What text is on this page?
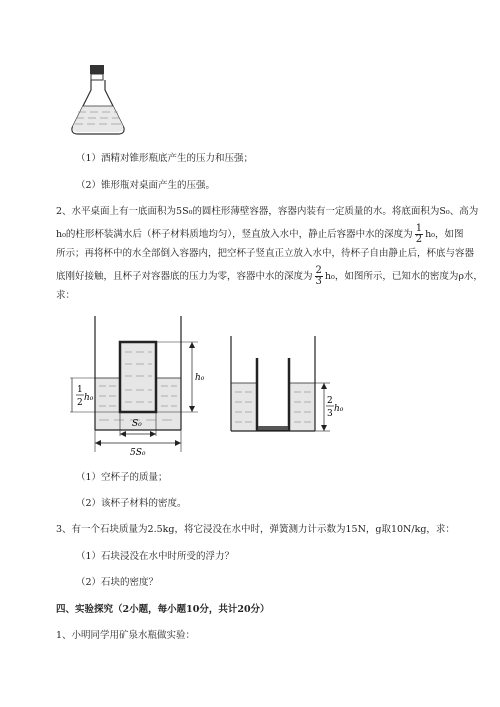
（1）酒精对锥形瓶底产生的压力和压强；
（2）锥形瓶对桌面产生的压强。
2、水平桌面上有一底面积为5S₀的圆柱形薄壁容器，容器内装有一定质量的水。将底面积为S₀、高为
h₀的柱形杯装满水后（杯子材料质地均匀），竖直放入水中，静止后容器中水的深度为 $\frac{1}{2} h_0$，如图
所示；再将杯中的水全部倒入容器内，把空杯子竖直正立放入水中，待杯子自由静止后，杯底与容器
底刚好接触，且杯子对容器底的压力为零，容器中水的深度为 $\frac{2}{3} h_0$，如图所示，已知水的密度为ρ水，
求：
h₀
1
2 h₀
S₀
5S₀
2
3 h₀
（1）空杯子的质量；
（2）该杯子材料的密度。
3、有一个石块质量为2.5kg，将它浸没在水中时，弹簧测力计示数为15N，g取10N/kg，求：
（1）石块浸没在水中时所受的浮力？
（2）石块的密度？
四、实验探究（2小题，每小题10分，共计20分）
1、小明同学用矿泉水瓶做实验：
